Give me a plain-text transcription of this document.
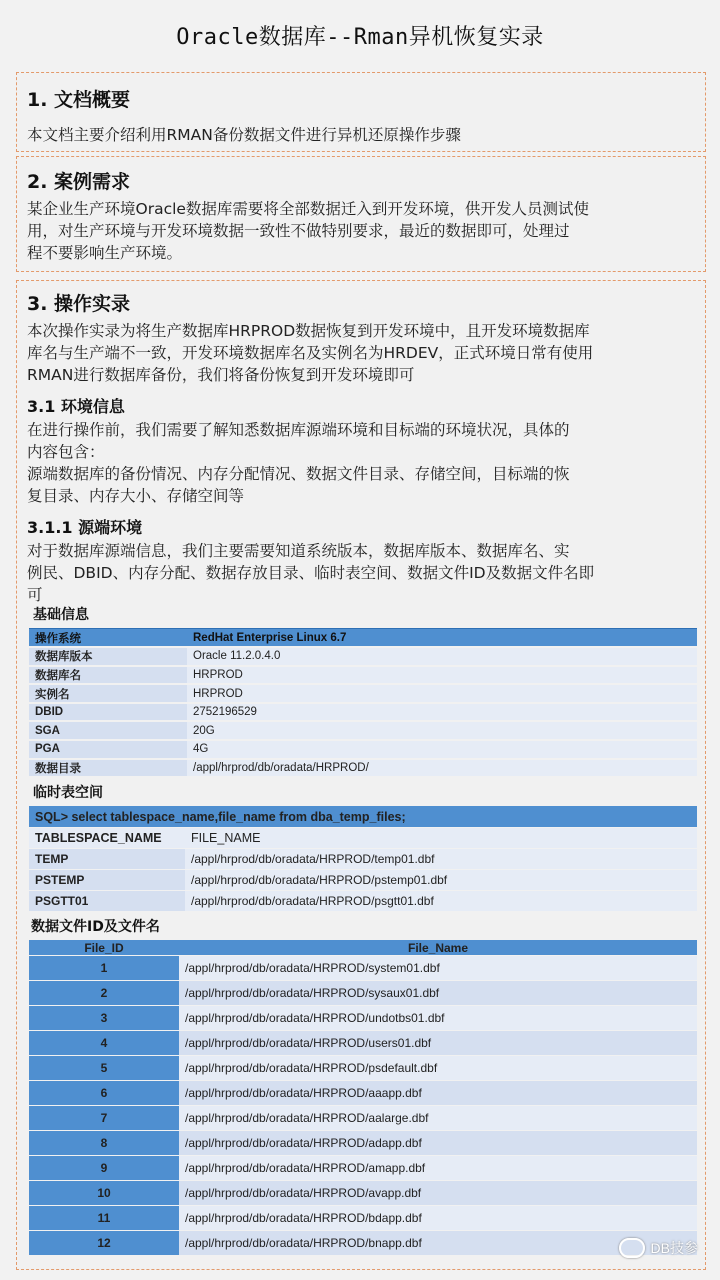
Oracle数据库--Rman异机恢复实录
1. 文档概要
本文档主要介绍利用RMAN备份数据文件进行异机还原操作步骤
2. 案例需求
某企业生产环境Oracle数据库需要将全部数据迁入到开发环境，供开发人员测试使
用，对生产环境与开发环境数据一致性不做特别要求，最近的数据即可，处理过
程不要影响生产环境。
3. 操作实录
本次操作实录为将生产数据库HRPROD数据恢复到开发环境中，且开发环境数据库
库名与生产端不一致，开发环境数据库名及实例名为HRDEV，正式环境日常有使用
RMAN进行数据库备份，我们将备份恢复到开发环境即可
3.1 环境信息
在进行操作前，我们需要了解知悉数据库源端环境和目标端的环境状况，具体的
内容包含：
源端数据库的备份情况、内存分配情况、数据文件目录、存储空间，目标端的恢
复目录、内存大小、存储空间等
3.1.1 源端环境
对于数据库源端信息，我们主要需要知道系统版本，数据库版本、数据库名、实
例民、DBID、内存分配、数据存放目录、临时表空间、数据文件ID及数据文件名即
可
基础信息
操作系统	RedHat Enterprise Linux 6.7
数据库版本	Oracle 11.2.0.4.0
数据库名	HRPROD
实例名	HRPROD
DBID	2752196529
SGA	20G
PGA	4G
数据目录	/appl/hrprod/db/oradata/HRPROD/
临时表空间
SQL> select tablespace_name,file_name from dba_temp_files;	
TABLESPACE_NAME	FILE_NAME
TEMP	/appl/hrprod/db/oradata/HRPROD/temp01.dbf
PSTEMP	/appl/hrprod/db/oradata/HRPROD/pstemp01.dbf
PSGTT01	/appl/hrprod/db/oradata/HRPROD/psgtt01.dbf
数据文件ID及文件名
File_ID	File_Name
1	/appl/hrprod/db/oradata/HRPROD/system01.dbf
2	/appl/hrprod/db/oradata/HRPROD/sysaux01.dbf
3	/appl/hrprod/db/oradata/HRPROD/undotbs01.dbf
4	/appl/hrprod/db/oradata/HRPROD/users01.dbf
5	/appl/hrprod/db/oradata/HRPROD/psdefault.dbf
6	/appl/hrprod/db/oradata/HRPROD/aaapp.dbf
7	/appl/hrprod/db/oradata/HRPROD/aalarge.dbf
8	/appl/hrprod/db/oradata/HRPROD/adapp.dbf
9	/appl/hrprod/db/oradata/HRPROD/amapp.dbf
10	/appl/hrprod/db/oradata/HRPROD/avapp.dbf
11	/appl/hrprod/db/oradata/HRPROD/bdapp.dbf
12	/appl/hrprod/db/oradata/HRPROD/bnapp.dbf	DB技参
